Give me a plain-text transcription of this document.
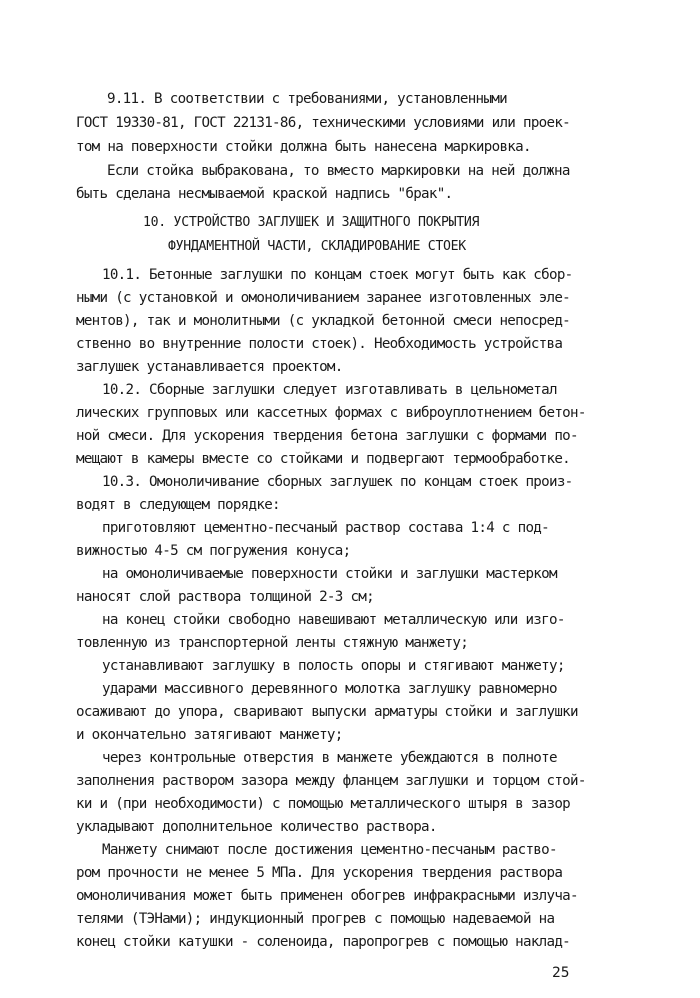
9.11. В соответствии с требованиями, установленными

ГОСТ 19330-81, ГОСТ 22131-86, техническими условиями или проек-

том на поверхности стойки должна быть нанесена маркировка.

Если стойка выбракована, то вместо маркировки на ней должна

быть сделана несмываемой краской надпись "брак".

10. УСТРОЙСТВО ЗАГЛУШЕК И ЗАЩИТНОГО ПОКРЫТИЯ

ФУНДАМЕНТНОЙ ЧАСТИ, СКЛАДИРОВАНИЕ СТОЕК

10.1. Бетонные заглушки по концам стоек могут быть как сбор-

ными (с установкой и омоноличиванием заранее изготовленных эле-

ментов), так и монолитными (с укладкой бетонной смеси непосред-

ственно во внутренние полости стоек). Необходимость устройства

заглушек устанавливается проектом.

10.2. Сборные заглушки следует изготавливать в цельнометал

лических групповых или кассетных формах с виброуплотнением бетон-

ной смеси. Для ускорения твердения бетона заглушки с формами по-

мещают в камеры вместе со стойками и подвергают термообработке.

10.3. Омоноличивание сборных заглушек по концам стоек произ-

водят в следующем порядке:

приготовляют цементно-песчаный раствор состава 1:4 с под-

вижностью 4-5 см погружения конуса;

на омоноличиваемые поверхности стойки и заглушки мастерком

наносят слой раствора толщиной 2-3 см;

на конец стойки свободно навешивают металлическую или изго-

товленную из транспортерной ленты стяжную манжету;

устанавливают заглушку в полость опоры и стягивают манжету;

ударами массивного деревянного молотка заглушку равномерно

осаживают до упора, сваривают выпуски арматуры стойки и заглушки

и окончательно затягивают манжету;

через контрольные отверстия в манжете убеждаются в полноте

заполнения раствором зазора между фланцем заглушки и торцом стой-

ки и (при необходимости) с помощью металлического штыря в зазор

укладывают дополнительное количество раствора.

Манжету снимают после достижения цементно-песчаным раство-

ром прочности не менее 5 МПа. Для ускорения твердения раствора

омоноличивания может быть применен обогрев инфракрасными излуча-

телями (ТЭНами); индукционный прогрев с помощью надеваемой на

конец стойки катушки - соленоида, паропрогрев с помощью наклад-

25
